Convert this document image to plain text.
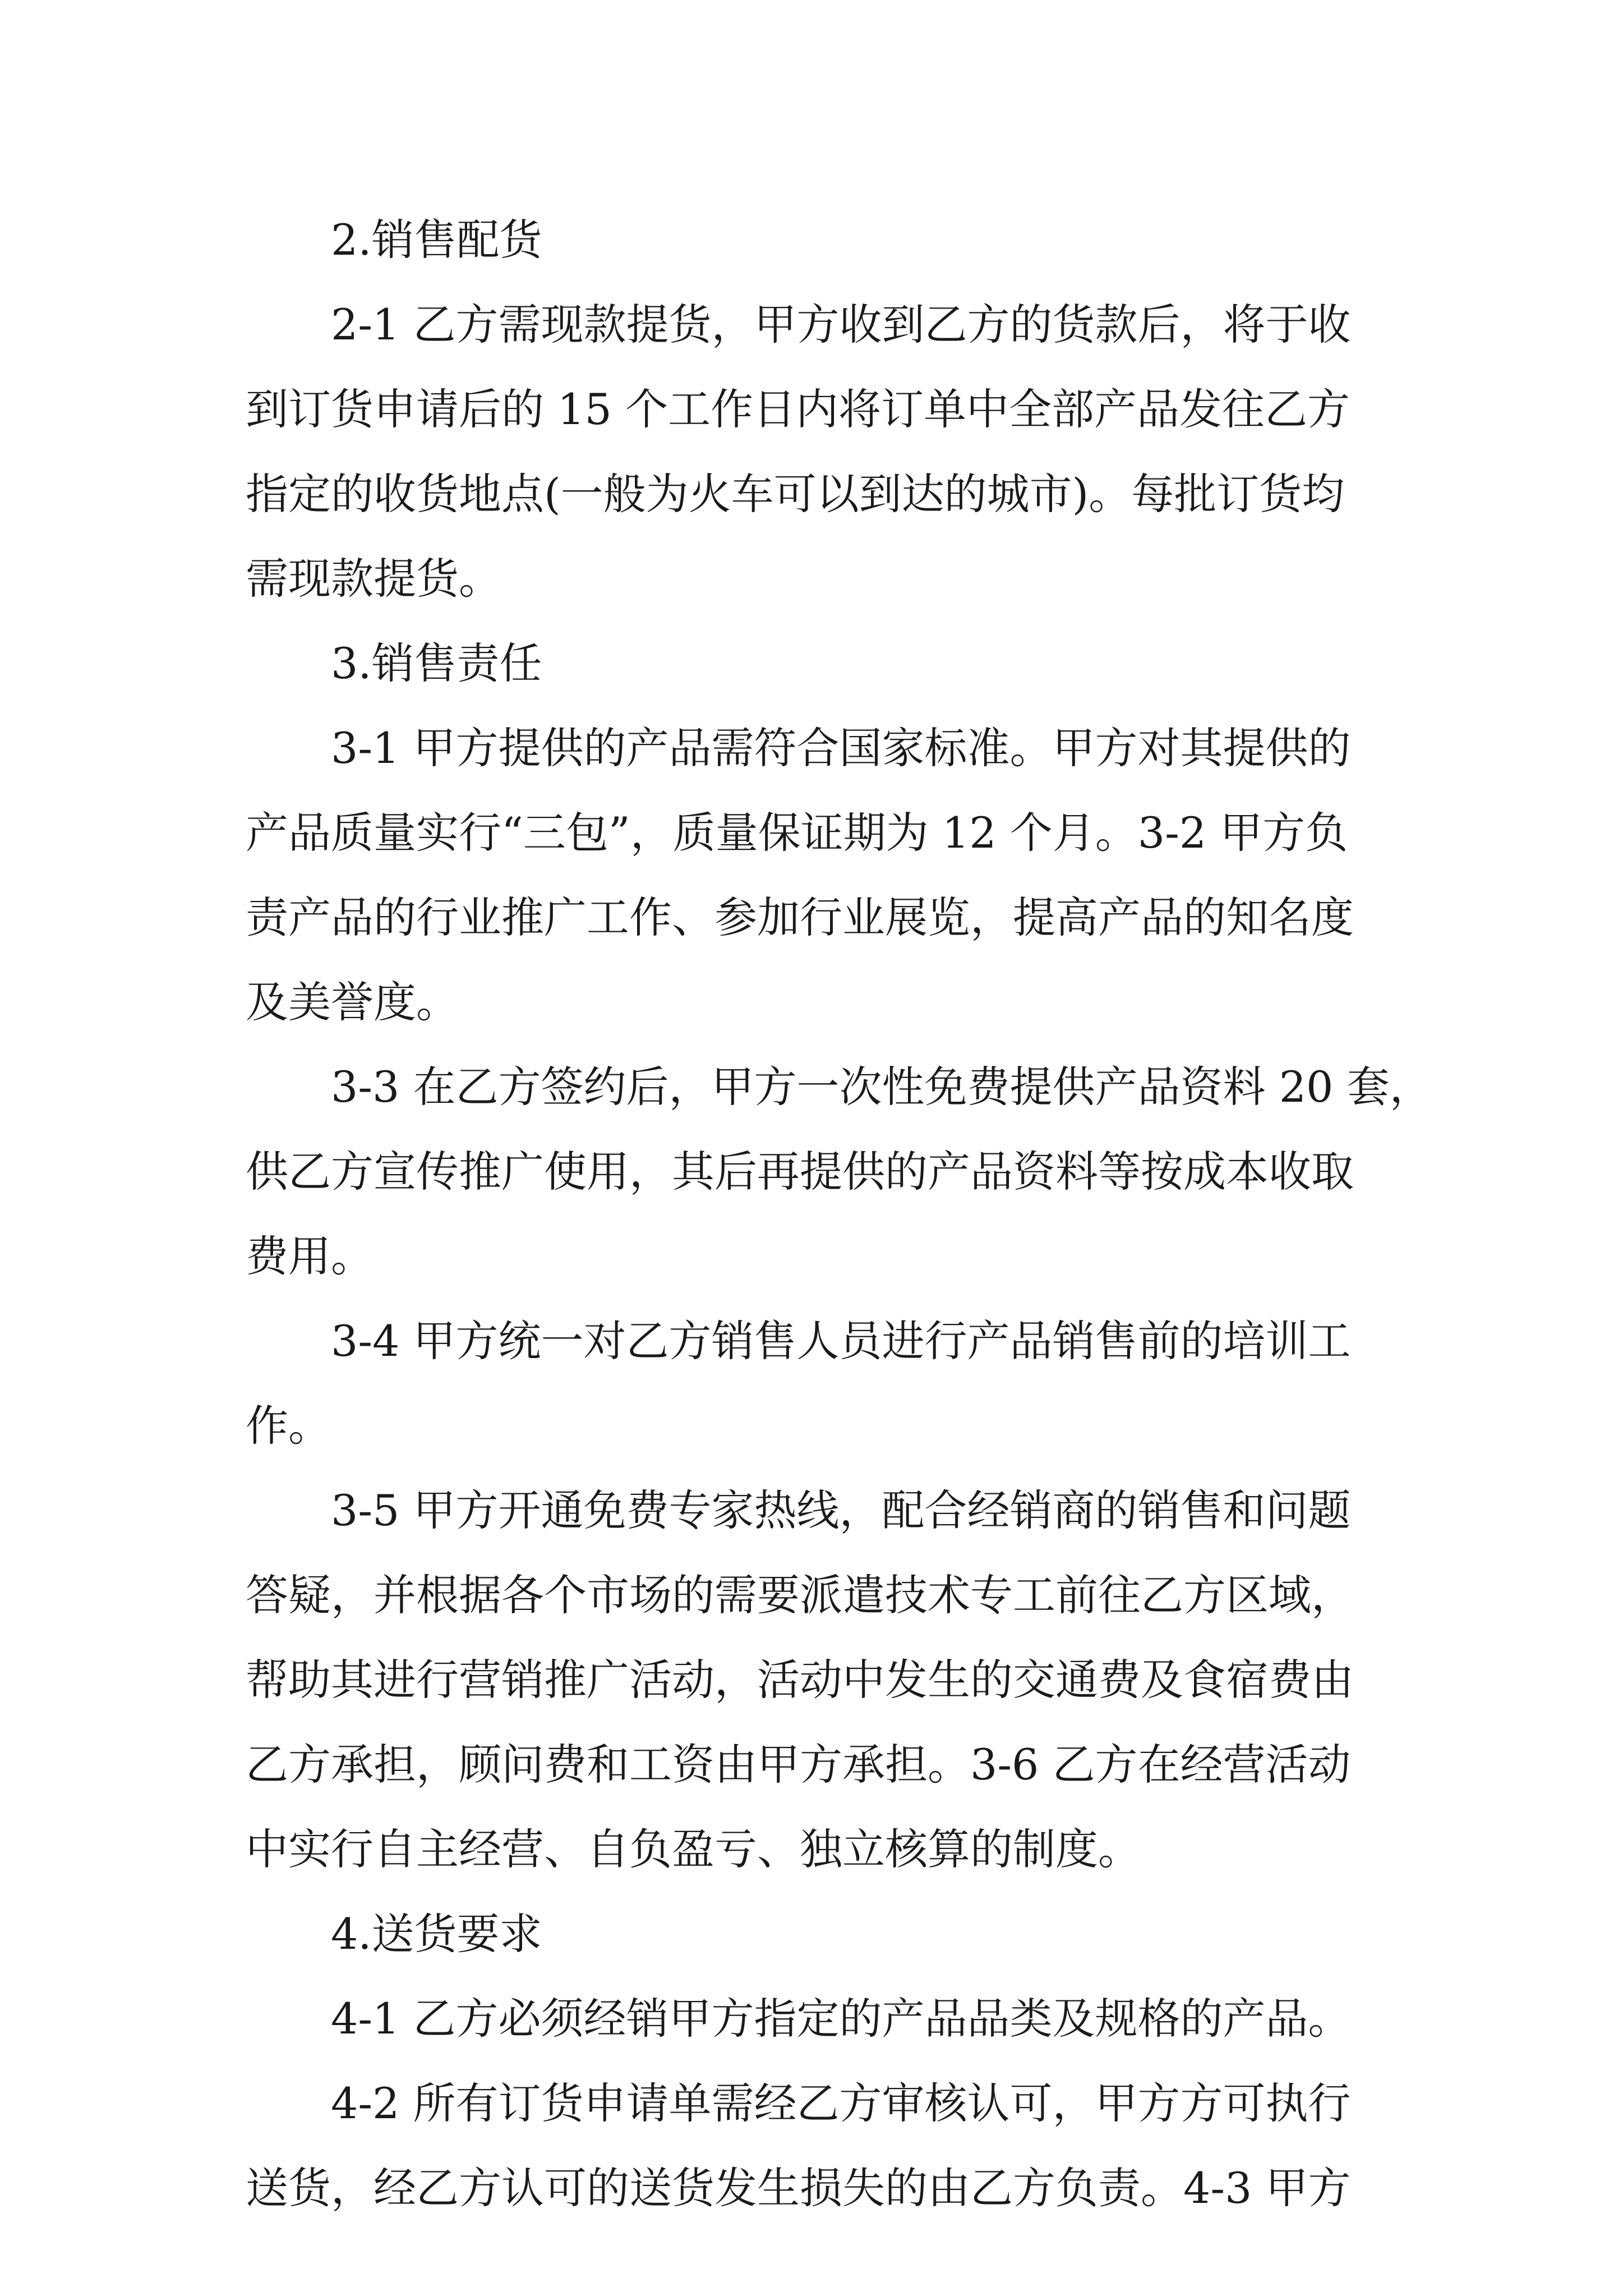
2.销售配货
2-1 乙方需现款提货，甲方收到乙方的货款后，将于收
到订货申请后的 15 个工作日内将订单中全部产品发往乙方
指定的收货地点(一般为火车可以到达的城市)。每批订货均
需现款提货。
3.销售责任
3-1 甲方提供的产品需符合国家标准。甲方对其提供的
产品质量实行“三包”，质量保证期为 12 个月。3-2 甲方负
责产品的行业推广工作、参加行业展览，提高产品的知名度
及美誉度。
3-3 在乙方签约后，甲方一次性免费提供产品资料 20 套，
供乙方宣传推广使用，其后再提供的产品资料等按成本收取
费用。
3-4 甲方统一对乙方销售人员进行产品销售前的培训工
作。
3-5 甲方开通免费专家热线，配合经销商的销售和问题
答疑，并根据各个市场的需要派遣技术专工前往乙方区域，
帮助其进行营销推广活动，活动中发生的交通费及食宿费由
乙方承担，顾问费和工资由甲方承担。3-6 乙方在经营活动
中实行自主经营、自负盈亏、独立核算的制度。
4.送货要求
4-1 乙方必须经销甲方指定的产品品类及规格的产品。
4-2 所有订货申请单需经乙方审核认可，甲方方可执行
送货，经乙方认可的送货发生损失的由乙方负责。4-3 甲方
